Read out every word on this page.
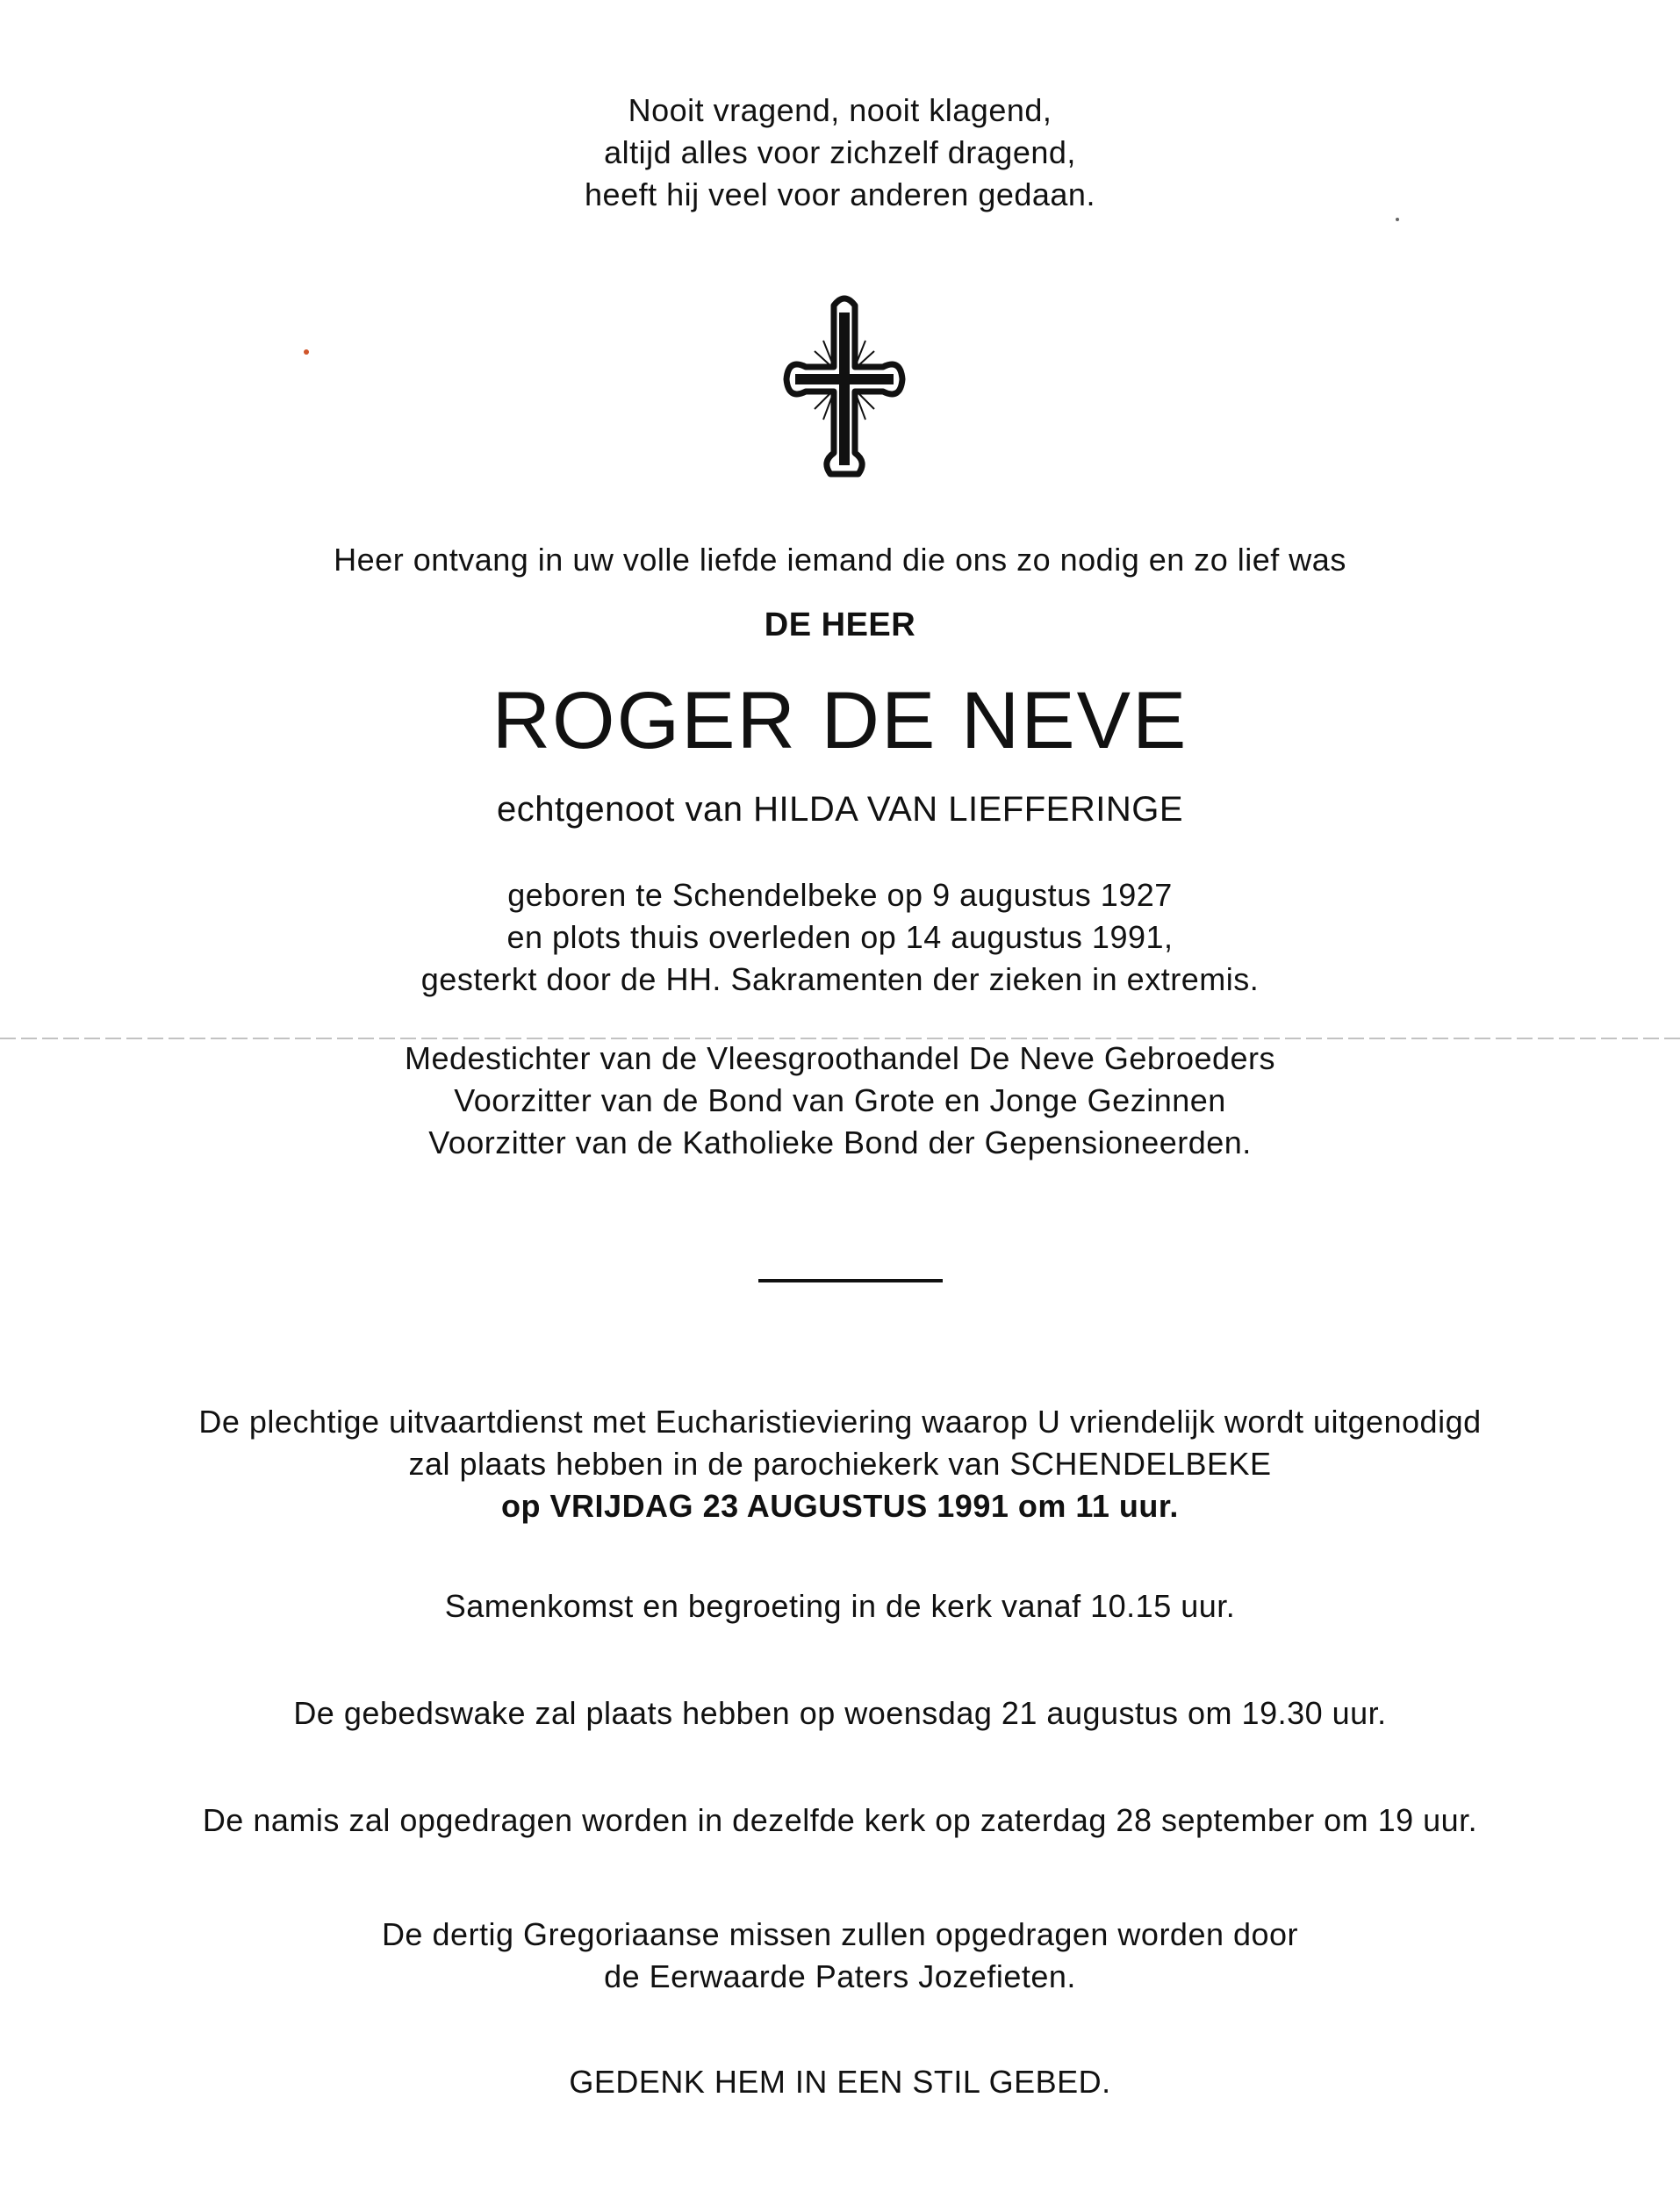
Nooit vragend, nooit klagend,
altijd alles voor zichzelf dragend,
heeft hij veel voor anderen gedaan.
Heer ontvang in uw volle liefde iemand die ons zo nodig en zo lief was
DE HEER
ROGER DE NEVE
echtgenoot van HILDA VAN LIEFFERINGE
geboren te Schendelbeke op 9 augustus 1927
en plots thuis overleden op 14 augustus 1991,
gesterkt door de HH. Sakramenten der zieken in extremis.
Medestichter van de Vleesgroothandel De Neve Gebroeders
Voorzitter van de Bond van Grote en Jonge Gezinnen
Voorzitter van de Katholieke Bond der Gepensioneerden.
De plechtige uitvaartdienst met Eucharistieviering waarop U vriendelijk wordt uitgenodigd
zal plaats hebben in de parochiekerk van SCHENDELBEKE
op VRIJDAG 23 AUGUSTUS 1991 om 11 uur.
Samenkomst en begroeting in de kerk vanaf 10.15 uur.
De gebedswake zal plaats hebben op woensdag 21 augustus om 19.30 uur.
De namis zal opgedragen worden in dezelfde kerk op zaterdag 28 september om 19 uur.
De dertig Gregoriaanse missen zullen opgedragen worden door
de Eerwaarde Paters Jozefieten.
GEDENK HEM IN EEN STIL GEBED.
